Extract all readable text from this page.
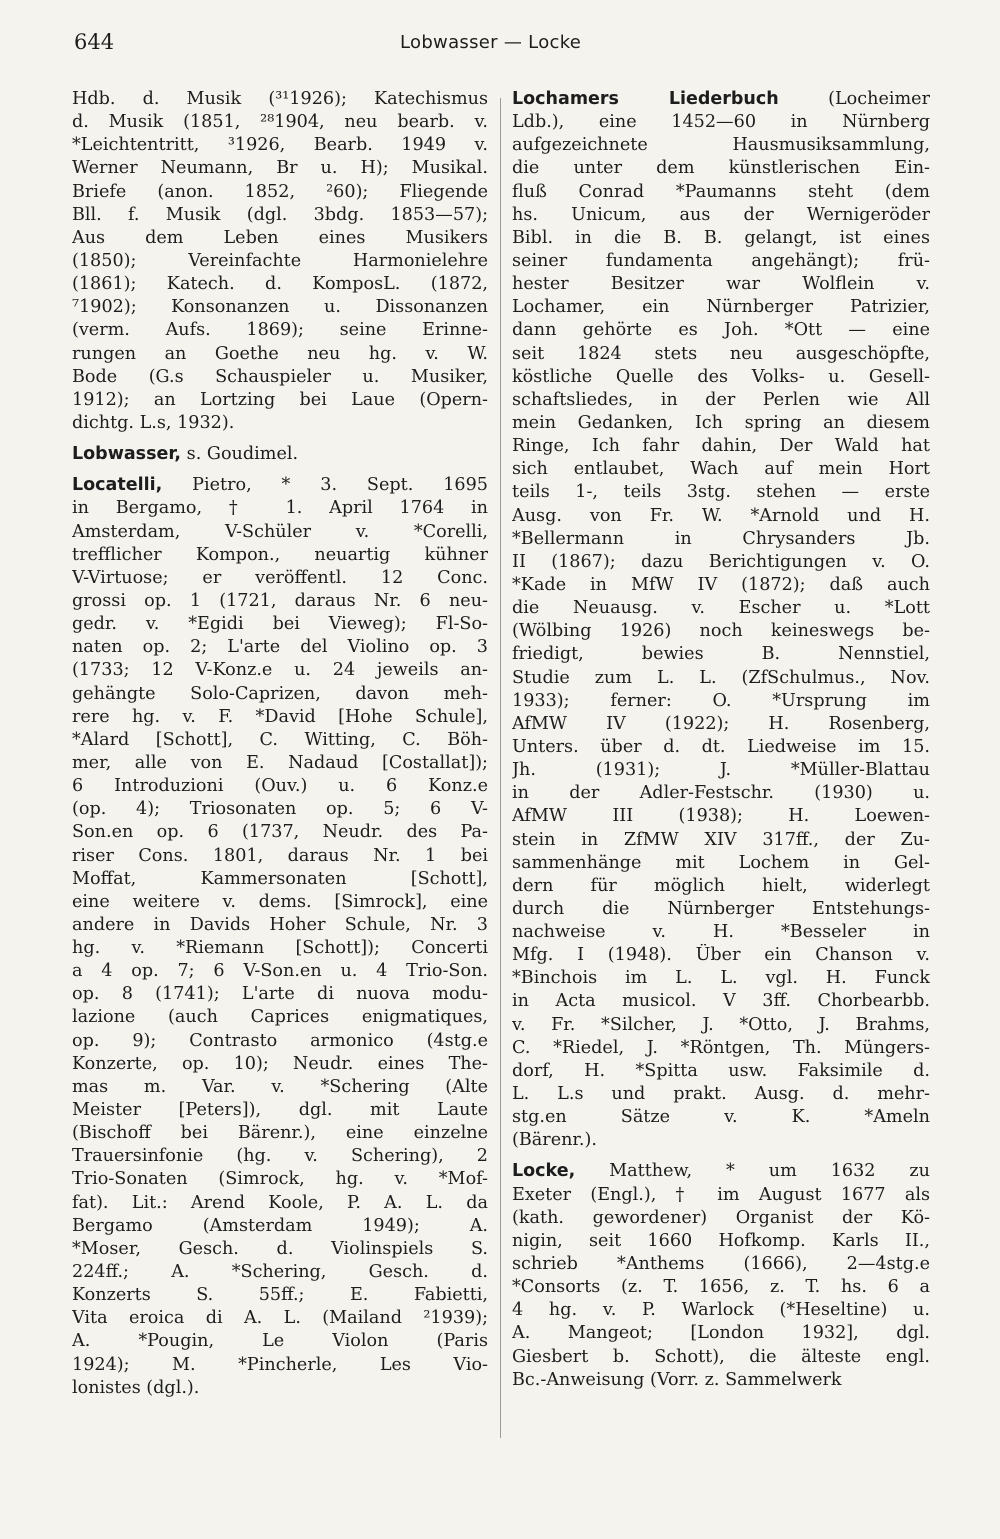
644	Lobwasser — Locke
Hdb. d. Musik (³¹1926); Katechismus
d. Musik (1851, ²⁸1904, neu bearb. v.
*Leichtentritt, ³1926, Bearb. 1949 v.
Werner Neumann, Br u. H); Musikal.
Briefe (anon. 1852, ²60); Fliegende
Bll. f. Musik (dgl. 3bdg. 1853—57);
Aus dem Leben eines Musikers
(1850); Vereinfachte Harmonielehre
(1861); Katech. d. KomposL. (1872,
⁷1902); Konsonanzen u. Dissonanzen
(verm. Aufs. 1869); seine Erinne-
rungen an Goethe neu hg. v. W.
Bode (G.s Schauspieler u. Musiker,
1912); an Lortzing bei Laue (Opern-
dichtg. L.s, 1932).
Lobwasser, s. Goudimel.
Locatelli, Pietro, * 3. Sept. 1695
in Bergamo, † 1. April 1764 in
Amsterdam, V-Schüler v. *Corelli,
trefflicher Kompon., neuartig kühner
V-Virtuose; er veröffentl. 12 Conc.
grossi op. 1 (1721, daraus Nr. 6 neu-
gedr. v. *Egidi bei Vieweg); Fl-So-
naten op. 2; L'arte del Violino op. 3
(1733; 12 V-Konz.e u. 24 jeweils an-
gehängte Solo-Caprizen, davon meh-
rere hg. v. F. *David [Hohe Schule],
*Alard [Schott], C. Witting, C. Böh-
mer, alle von E. Nadaud [Costallat]);
6 Introduzioni (Ouv.) u. 6 Konz.e
(op. 4); Triosonaten op. 5; 6 V-
Son.en op. 6 (1737, Neudr. des Pa-
riser Cons. 1801, daraus Nr. 1 bei
Moffat, Kammersonaten [Schott],
eine weitere v. dems. [Simrock], eine
andere in Davids Hoher Schule, Nr. 3
hg. v. *Riemann [Schott]); Concerti
a 4 op. 7; 6 V-Son.en u. 4 Trio-Son.
op. 8 (1741); L'arte di nuova modu-
lazione (auch Caprices enigmatiques,
op. 9); Contrasto armonico (4stg.e
Konzerte, op. 10); Neudr. eines The-
mas m. Var. v. *Schering (Alte
Meister [Peters]), dgl. mit Laute
(Bischoff bei Bärenr.), eine einzelne
Trauersinfonie (hg. v. Schering), 2
Trio-Sonaten (Simrock, hg. v. *Mof-
fat). Lit.: Arend Koole, P. A. L. da
Bergamo (Amsterdam 1949); A.
*Moser, Gesch. d. Violinspiels S.
224ff.; A. *Schering, Gesch. d.
Konzerts S. 55ff.; E. Fabietti,
Vita eroica di A. L. (Mailand ²1939);
A. *Pougin, Le Violon (Paris
1924); M. *Pincherle, Les Vio-
lonistes (dgl.).
Lochamers Liederbuch (Locheimer
Ldb.), eine 1452—60 in Nürnberg
aufgezeichnete Hausmusiksammlung,
die unter dem künstlerischen Ein-
fluß Conrad *Paumanns steht (dem
hs. Unicum, aus der Wernigeröder
Bibl. in die B. B. gelangt, ist eines
seiner fundamenta angehängt); frü-
hester Besitzer war Wolflein v.
Lochamer, ein Nürnberger Patrizier,
dann gehörte es Joh. *Ott — eine
seit 1824 stets neu ausgeschöpfte,
köstliche Quelle des Volks- u. Gesell-
schaftsliedes, in der Perlen wie All
mein Gedanken, Ich spring an diesem
Ringe, Ich fahr dahin, Der Wald hat
sich entlaubet, Wach auf mein Hort
teils 1-, teils 3stg. stehen — erste
Ausg. von Fr. W. *Arnold und H.
*Bellermann in Chrysanders Jb.
II (1867); dazu Berichtigungen v. O.
*Kade in MfW IV (1872); daß auch
die Neuausg. v. Escher u. *Lott
(Wölbing 1926) noch keineswegs be-
friedigt, bewies B. Nennstiel,
Studie zum L. L. (ZfSchulmus., Nov.
1933); ferner: O. *Ursprung im
AfMW IV (1922); H. Rosenberg,
Unters. über d. dt. Liedweise im 15.
Jh. (1931); J. *Müller-Blattau
in der Adler-Festschr. (1930) u.
AfMW III (1938); H. Loewen-
stein in ZfMW XIV 317ff., der Zu-
sammenhänge mit Lochem in Gel-
dern für möglich hielt, widerlegt
durch die Nürnberger Entstehungs-
nachweise v. H. *Besseler in
Mfg. I (1948). Über ein Chanson v.
*Binchois im L. L. vgl. H. Funck
in Acta musicol. V 3ff. Chorbearbb.
v. Fr. *Silcher, J. *Otto, J. Brahms,
C. *Riedel, J. *Röntgen, Th. Müngers-
dorf, H. *Spitta usw. Faksimile d.
L. L.s und prakt. Ausg. d. mehr-
stg.en Sätze v. K. *Ameln
(Bärenr.).
Locke, Matthew, * um 1632 zu
Exeter (Engl.), † im August 1677 als
(kath. gewordener) Organist der Kö-
nigin, seit 1660 Hofkomp. Karls II.,
schrieb *Anthems (1666), 2—4stg.e
*Consorts (z. T. 1656, z. T. hs. 6 a
4 hg. v. P. Warlock (*Heseltine) u.
A. Mangeot; [London 1932], dgl.
Giesbert b. Schott), die älteste engl.
Bc.-Anweisung (Vorr. z. Sammelwerk
